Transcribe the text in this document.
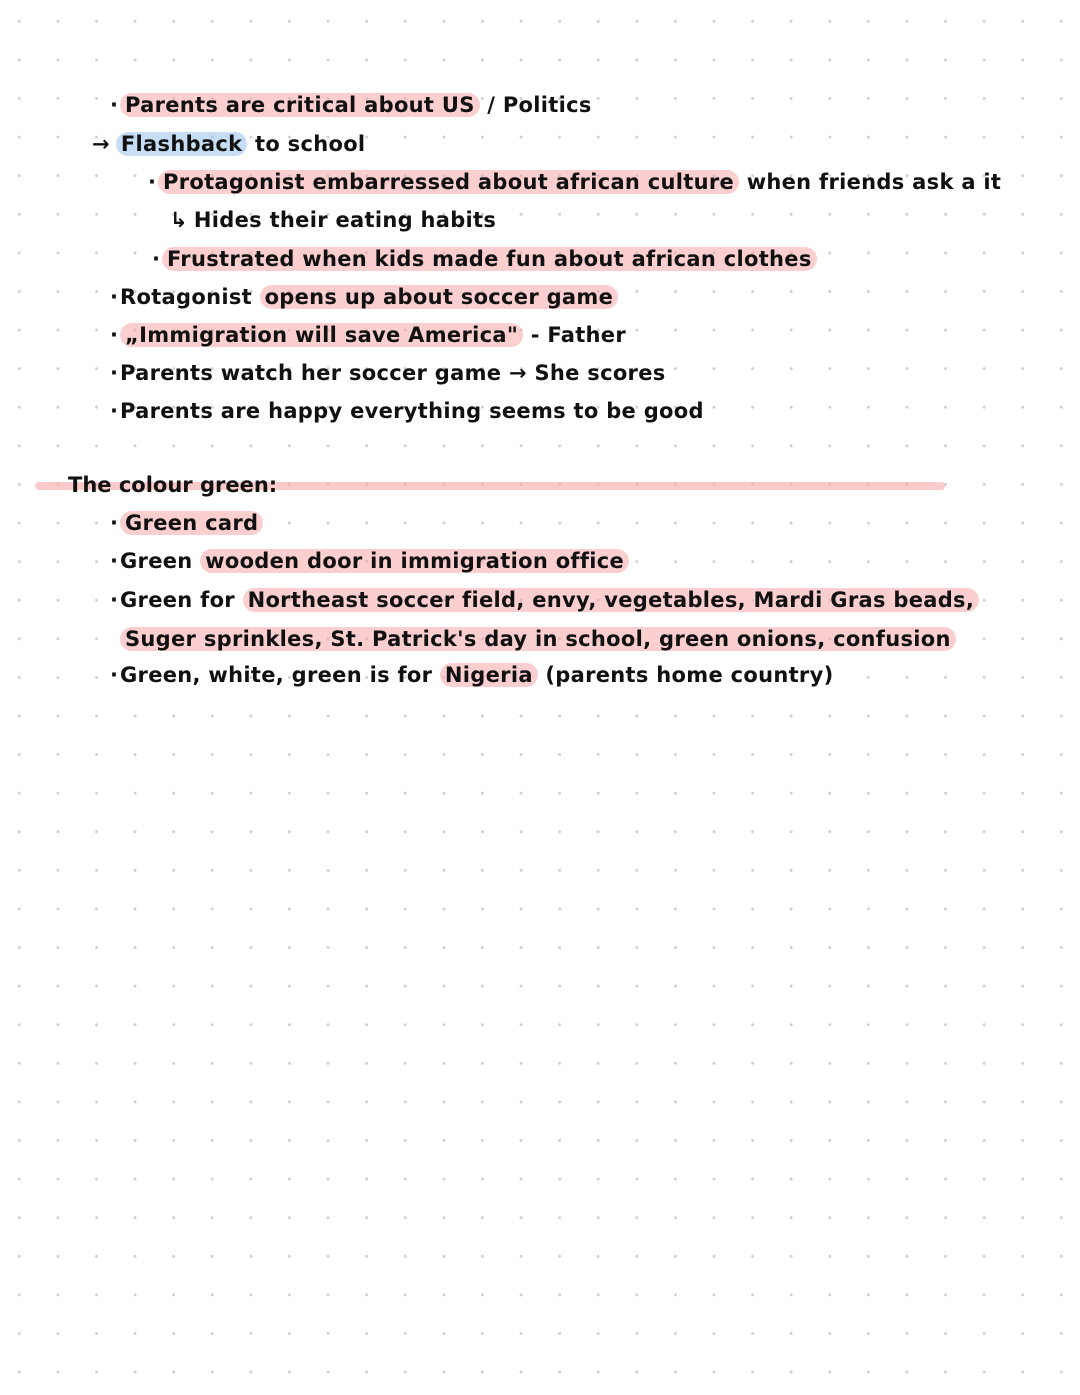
· Parents are critical about US / Politics
→ Flashback to school
· Protagonist embarressed about african culture when friends ask a it
↳ Hides their eating habits
· Frustrated when kids made fun about african clothes
·Rotagonist opens up about soccer game
· „Immigration will save America" - Father
·Parents watch her soccer game → She scores
·Parents are happy everything seems to be good
The colour green:
· Green card
·Green wooden door in immigration office
·Green for Northeast soccer field, envy, vegetables, Mardi Gras beads,
Suger sprinkles, St. Patrick's day in school, green onions, confusion
·Green, white, green is for Nigeria (parents home country)
